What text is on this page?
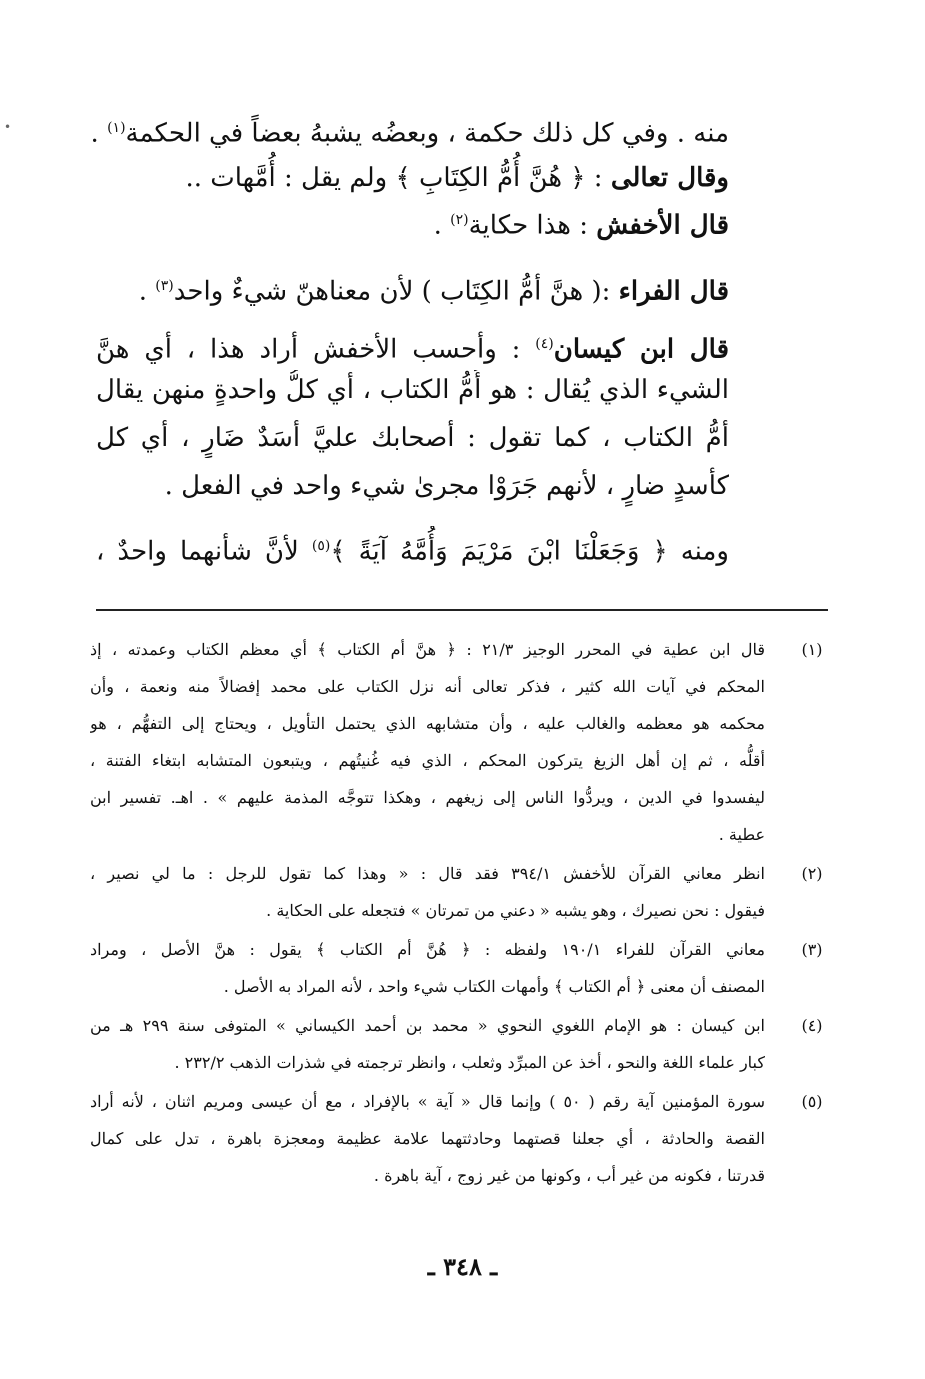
•	منه . وفي كل ذلك حكمة ، وبعضُه يشبهُ بعضاً في الحكمة$^{(١)}$ .
وقال تعالى : ﴿ هُنَّ أُمُّ الكِتَابِ ﴾ ولم يقل : أُمَّهات ..
قال الأخفش : هذا حكاية$^{(٢)}$ .
قال الفراء :( هنَّ أمُّ الكِتَاب ) لأن معناهنّ شيءٌ واحد$^{(٣)}$ .
قال ابن كيسان$^{(٤)}$ : وأحسب الأخفش أراد هذا ، أي هنَّ
الشيء الذي يُقال : هو أُمُّ الكتاب ، أي كلُّ واحدةٍ منهن يقال
أمُّ الكتاب ، كما تقول : أصحابك عليَّ أسَدٌ ضَارٍ ، أي كل
كأسدٍ ضارٍ ، لأنهم جَرَوْا مجرىٰ شيء واحد في الفعل .
ومنه ﴿ وَجَعَلْنَا ابْنَ مَرْيَمَ وَأُمَّهُ آيَةً ﴾$^{(٥)}$ لأنَّ شأنهما واحدٌ ،
(١)
قال ابن عطية في المحرر الوجيز ٢١/٣ : ﴿ هنَّ أم الكتاب ﴾ أي معظم الكتاب وعمدته ، إذ
المحكم في آيات الله كثير ، فذكر تعالى أنه نزل الكتاب على محمد إفضالاً منه ونعمة ، وأن
محكمه هو معظمه والغالب عليه ، وأن متشابهه الذي يحتمل التأويل ، ويحتاج إلى التفهُّم ، هو
أقلُّه ، ثم إن أهل الزيغ يتركون المحكم ، الذي فيه غُنيتُهم ، ويتبعون المتشابه ابتغاء الفتنة ،
ليفسدوا في الدين ، ويردُّوا الناس إلى زيغهم ، وهكذا تتوجَّه المذمة عليهم » . اهـ. تفسير ابن
عطية .
(٢)
انظر معاني القرآن للأخفش ٣٩٤/١ فقد قال : « وهذا كما تقول للرجل : ما لي نصير ،
فيقول : نحن نصيرك ، وهو يشبه « دعني من تمرتان » فتجعله على الحكاية .
(٣)
معاني القرآن للفراء ١٩٠/١ ولفظه : ﴿ هُنَّ أم الكتاب ﴾ يقول : هنَّ الأصل ، ومراد
المصنف أن معنى ﴿ أم الكتاب ﴾ وأمهات الكتاب شيء واحد ، لأنه المراد به الأصل .
(٤)
ابن كيسان : هو الإمام اللغوي النحوي « محمد بن أحمد الكيساني » المتوفى سنة ٢٩٩ هـ من
كبار علماء اللغة والنحو ، أخذ عن المبرِّد وثعلب ، وانظر ترجمته في شذرات الذهب ٢٣٢/٢ .
(٥)
سورة المؤمنين آية رقم ( ٥٠ ) وإنما قال « آية » بالإفراد ، مع أن عيسى ومريم اثنان ، لأنه أراد
القصة والحادثة ، أي جعلنا قصتهما وحادثتهما علامة عظيمة ومعجزة باهرة ، تدل على كمال
قدرتنا ، فكونه من غير أب ، وكونها من غير زوج ، آية باهرة .
ـ ٣٤٨ ـ
